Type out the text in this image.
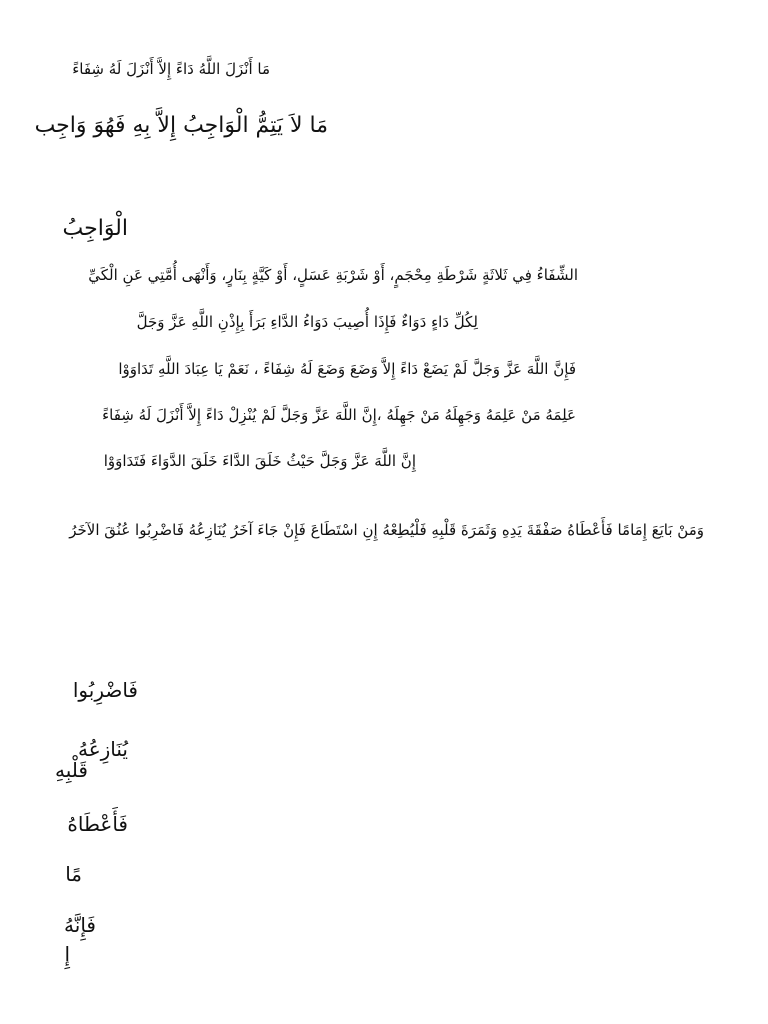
مَا أَنْزَلَ اللَّهُ دَاءً إِلاَّ أَنْزَلَ لَهُ شِفَاءً
مَا لاَ يَتِمُّ الْوَاجِبُ إِلاَّ بِهِ فَهُوَ وَاجِب
الْوَاجِبُ
الشِّفَاءُ فِي ثَلاثَةٍ شَرْطَةِ مِحْجَمٍ، أَوْ شَرْبَةِ عَسَلٍ، أَوْ كَيَّةٍ بِنَارٍ، وَأَنْهَى أُمَّتِي عَنِ الْكَيِّ
لِكُلِّ دَاءٍ دَوَاءٌ فَإِذَا أُصِيبَ دَوَاءُ الدَّاءِ بَرَأَ بِإِذْنِ اللَّهِ عَزَّ وَجَلَّ
فَإِنَّ اللَّهَ عَزَّ وَجَلَّ لَمْ يَضَعْ دَاءً إِلاَّ وَضَعَ وَضَعَ لَهُ شِفَاءً ، نَعَمْ يَا عِبَادَ اللَّهِ تَدَاوَوْا
عَلِمَهُ مَنْ عَلِمَهُ وَجَهِلَهُ مَنْ جَهِلَهُ ،إِنَّ اللَّهَ عَزَّ وَجَلَّ لَمْ يُنْزِلْ دَاءً إِلاَّ أَنْزَلَ لَهُ شِفَاءً
إِنَّ اللَّهَ عَزَّ وَجَلَّ حَيْثُ خَلَقَ الدَّاءَ خَلَقَ الدَّوَاءَ فَتَدَاوَوْا
وَمَنْ بَايَعَ إِمَامًا فَأَعْطَاهُ صَفْقَةَ يَدِهِ وَثَمَرَةَ قَلْبِهِ فَلْيُطِعْهُ إِنِ اسْتَطَاعَ فَإِنْ جَاءَ آخَرُ يُنَازِعُهُ فَاضْرِبُوا عُنُقَ الآخَرُ
فَاضْرِبُوا
يُنَازِعُهُ
قَلْبِهِ
فَأَعْطَاهُ
مًا
فَإِنَّهُ
إِ
